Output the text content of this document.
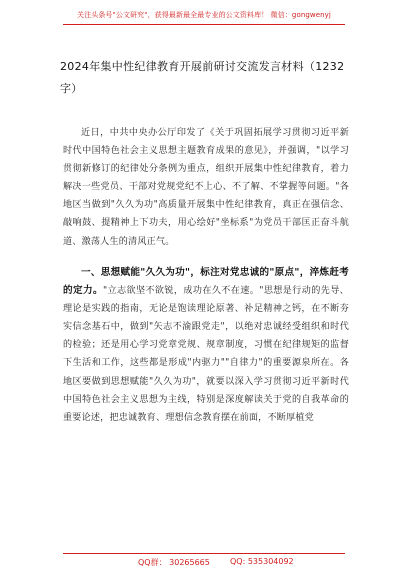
关注头条号"公文研究"，获得最新最全最专业的公文资料库！ 微信：gongwenyj
2024年集中性纪律教育开展前研讨交流发言材料（1232字）
近日，中共中央办公厅印发了《关于巩固拓展学习贯彻习近平新时代中国特色社会主义思想主题教育成果的意见》，并强调，"以学习贯彻新修订的纪律处分条例为重点，组织开展集中性纪律教育，着力解决一些党员、干部对党规党纪不上心、不了解、不掌握等问题。"各地区当做到"久久为功"高质量开展集中性纪律教育，真正在强信念、敲响鼓、提精神上下功夫，用心绘好"坐标系"为党员干部匡正奋斗航道、激荡人生的清风正气。
一、思想赋能"久久为功"，标注对党忠诚的"原点"，淬炼赶考的定力。"立志欲坚不欲锐，成功在久不在速。"思想是行动的先导、理论是实践的指南，无论是饱读理论原著、补足精神之钙，在不断夯实信念基石中，做到"矢志不渝跟党走"，以绝对忠诚经受组织和时代的检验；还是用心学习党章党规、规章制度，习惯在纪律规矩的监督下生活和工作，这些都是形成"内驱力""自律力"的重要源泉所在。各地区要做到思想赋能"久久为功"，就要以深入学习贯彻习近平新时代中国特色社会主义思想为主线，特别是深度解读关于党的自我革命的重要论述，把忠诚教育、理想信念教育摆在前面，不断厚植党
QQ群： 30265665	QQ: 535304092
